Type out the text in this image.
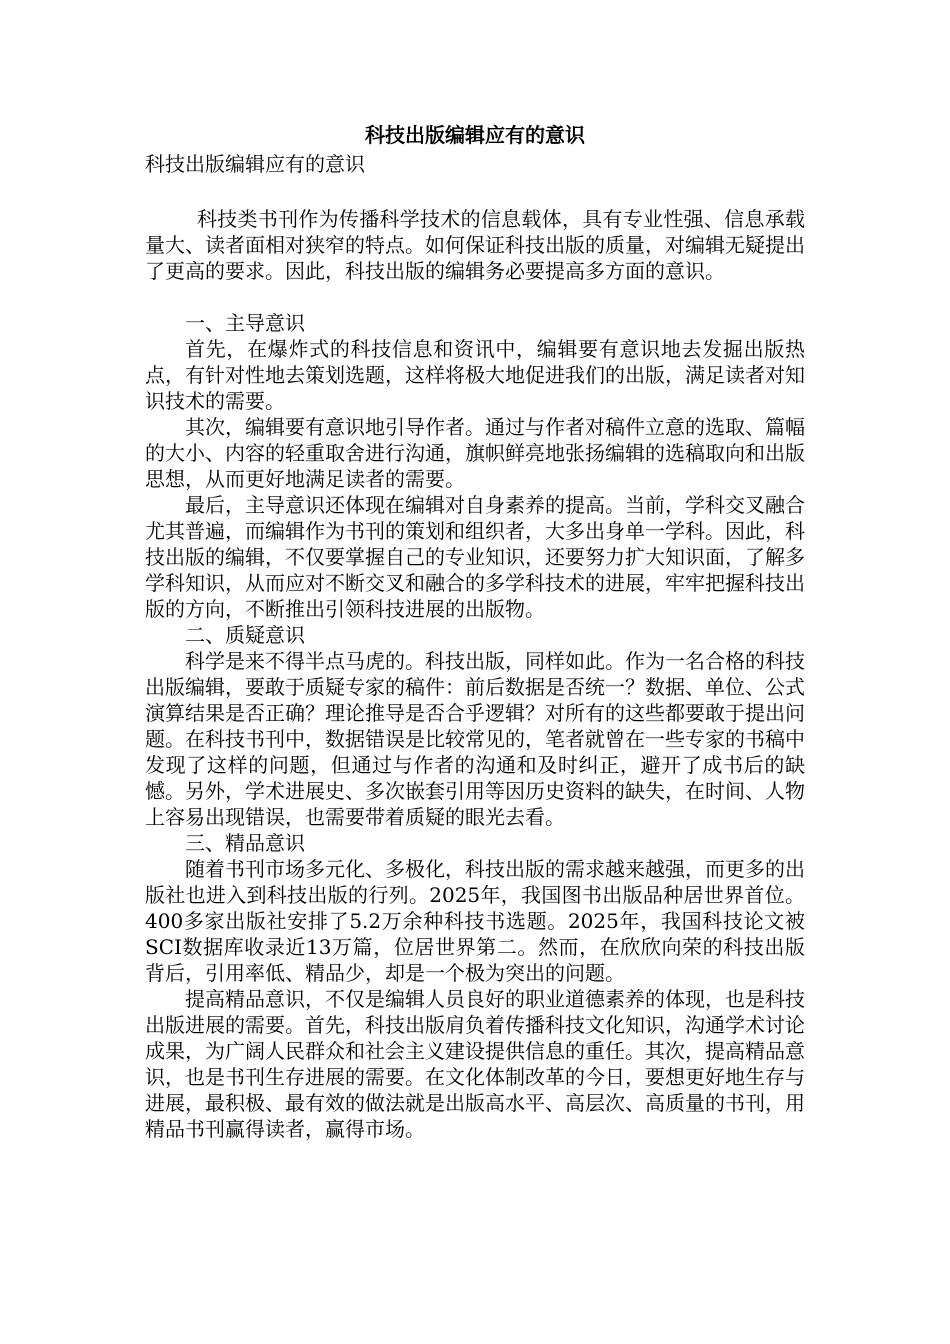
科技出版编辑应有的意识

科技出版编辑应有的意识

科技类书刊作为传播科学技术的信息载体，具有专业性强、信息承载量大、读者面相对狭窄的特点。如何保证科技出版的质量，对编辑无疑提出了更高的要求。因此，科技出版的编辑务必要提高多方面的意识。

一、主导意识

首先，在爆炸式的科技信息和资讯中，编辑要有意识地去发掘出版热点，有针对性地去策划选题，这样将极大地促进我们的出版，满足读者对知识技术的需要。

其次，编辑要有意识地引导作者。通过与作者对稿件立意的选取、篇幅的大小、内容的轻重取舍进行沟通，旗帜鲜亮地张扬编辑的选稿取向和出版思想，从而更好地满足读者的需要。

最后，主导意识还体现在编辑对自身素养的提高。当前，学科交叉融合尤其普遍，而编辑作为书刊的策划和组织者，大多出身单一学科。因此，科技出版的编辑，不仅要掌握自己的专业知识，还要努力扩大知识面，了解多学科知识，从而应对不断交叉和融合的多学科技术的进展，牢牢把握科技出版的方向，不断推出引领科技进展的出版物。

二、质疑意识

科学是来不得半点马虎的。科技出版，同样如此。作为一名合格的科技出版编辑，要敢于质疑专家的稿件：前后数据是否统一？数据、单位、公式演算结果是否正确？理论推导是否合乎逻辑？对所有的这些都要敢于提出问题。在科技书刊中，数据错误是比较常见的，笔者就曾在一些专家的书稿中发现了这样的问题，但通过与作者的沟通和及时纠正，避开了成书后的缺憾。另外，学术进展史、多次嵌套引用等因历史资料的缺失，在时间、人物上容易出现错误，也需要带着质疑的眼光去看。

三、精品意识

随着书刊市场多元化、多极化，科技出版的需求越来越强，而更多的出版社也进入到科技出版的行列。2025年，我国图书出版品种居世界首位。400多家出版社安排了5.2万余种科技书选题。2025年，我国科技论文被SCI数据库收录近13万篇，位居世界第二。然而，在欣欣向荣的科技出版背后，引用率低、精品少，却是一个极为突出的问题。

提高精品意识，不仅是编辑人员良好的职业道德素养的体现，也是科技出版进展的需要。首先，科技出版肩负着传播科技文化知识，沟通学术讨论成果，为广阔人民群众和社会主义建设提供信息的重任。其次，提高精品意识，也是书刊生存进展的需要。在文化体制改革的今日，要想更好地生存与进展，最积极、最有效的做法就是出版高水平、高层次、高质量的书刊，用精品书刊赢得读者，赢得市场。
